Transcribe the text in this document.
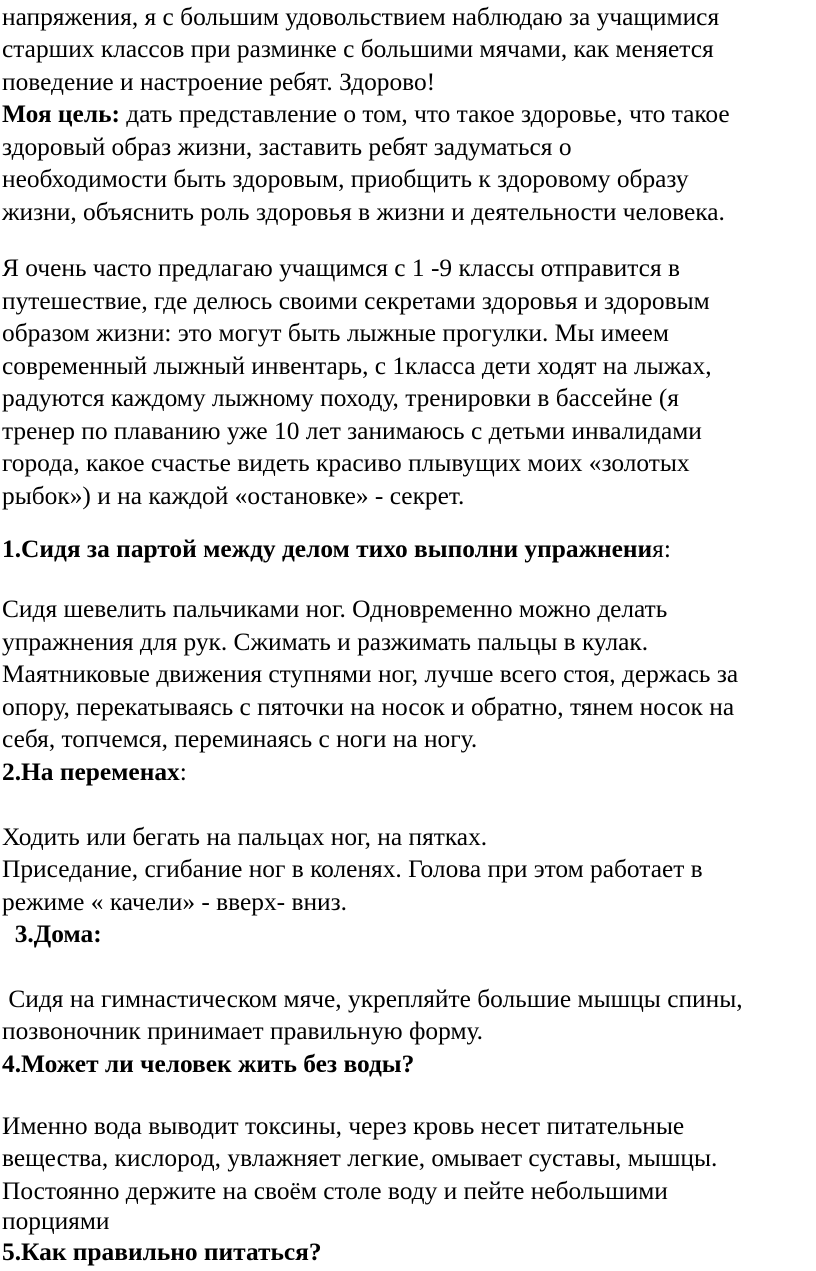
напряжения, я с большим удовольствием наблюдаю за учащимися
старших классов при разминке с большими мячами, как меняется
поведение и настроение ребят. Здорово!
Моя цель: дать представление о том, что такое здоровье, что такое
здоровый образ жизни, заставить ребят задуматься о
необходимости быть здоровым, приобщить к здоровому образу
жизни, объяснить роль здоровья в жизни и деятельности человека.
Я очень часто предлагаю учащимся с 1 -9 классы отправится в
путешествие, где делюсь своими секретами здоровья и здоровым
образом жизни: это могут быть лыжные прогулки. Мы имеем
современный лыжный инвентарь, с 1класса дети ходят на лыжах,
радуются каждому лыжному походу, тренировки в бассейне (я
тренер по плаванию уже 10 лет занимаюсь с детьми инвалидами
города, какое счастье видеть красиво плывущих моих «золотых
рыбок») и на каждой «остановке» - секрет.
1.Сидя за партой между делом тихо выполни упражнения:
Сидя шевелить пальчиками ног. Одновременно можно делать
упражнения для рук. Сжимать и разжимать пальцы в кулак.
Маятниковые движения ступнями ног, лучше всего стоя, держась за
опору, перекатываясь с пяточки на носок и обратно, тянем носок на
себя, топчемся, переминаясь с ноги на ногу.
2.На переменах:
Ходить или бегать на пальцах ног, на пятках.
Приседание, сгибание ног в коленях. Голова при этом работает в
режиме « качели» - вверх- вниз.
3.Дома:
Сидя на гимнастическом мяче, укрепляйте большие мышцы спины,
позвоночник принимает правильную форму.
4.Может ли человек жить без воды?
Именно вода выводит токсины, через кровь несет питательные
вещества, кислород, увлажняет легкие, омывает суставы, мышцы.
Постоянно держите на своём столе воду и пейте небольшими
порциями
5.Как правильно питаться?
